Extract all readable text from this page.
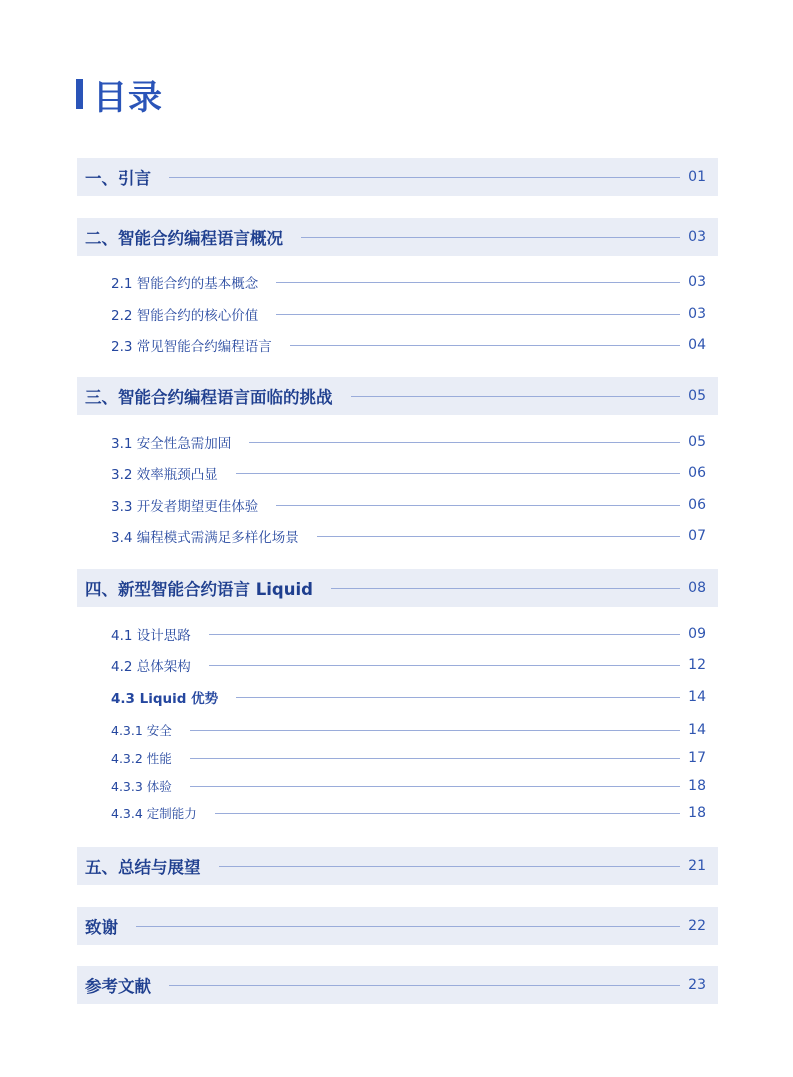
目录
一、引言	01
二、智能合约编程语言概况	03
2.1 智能合约的基本概念	03
2.2 智能合约的核心价值	03
2.3 常见智能合约编程语言	04
三、智能合约编程语言面临的挑战	05
3.1 安全性急需加固	05
3.2 效率瓶颈凸显	06
3.3 开发者期望更佳体验	06
3.4 编程模式需满足多样化场景	07
四、新型智能合约语言 Liquid	08
4.1 设计思路	09
4.2 总体架构	12
4.3 Liquid 优势	14
4.3.1 安全	14
4.3.2 性能	17
4.3.3 体验	18
4.3.4 定制能力	18
五、总结与展望	21
致谢	22
参考文献	23
